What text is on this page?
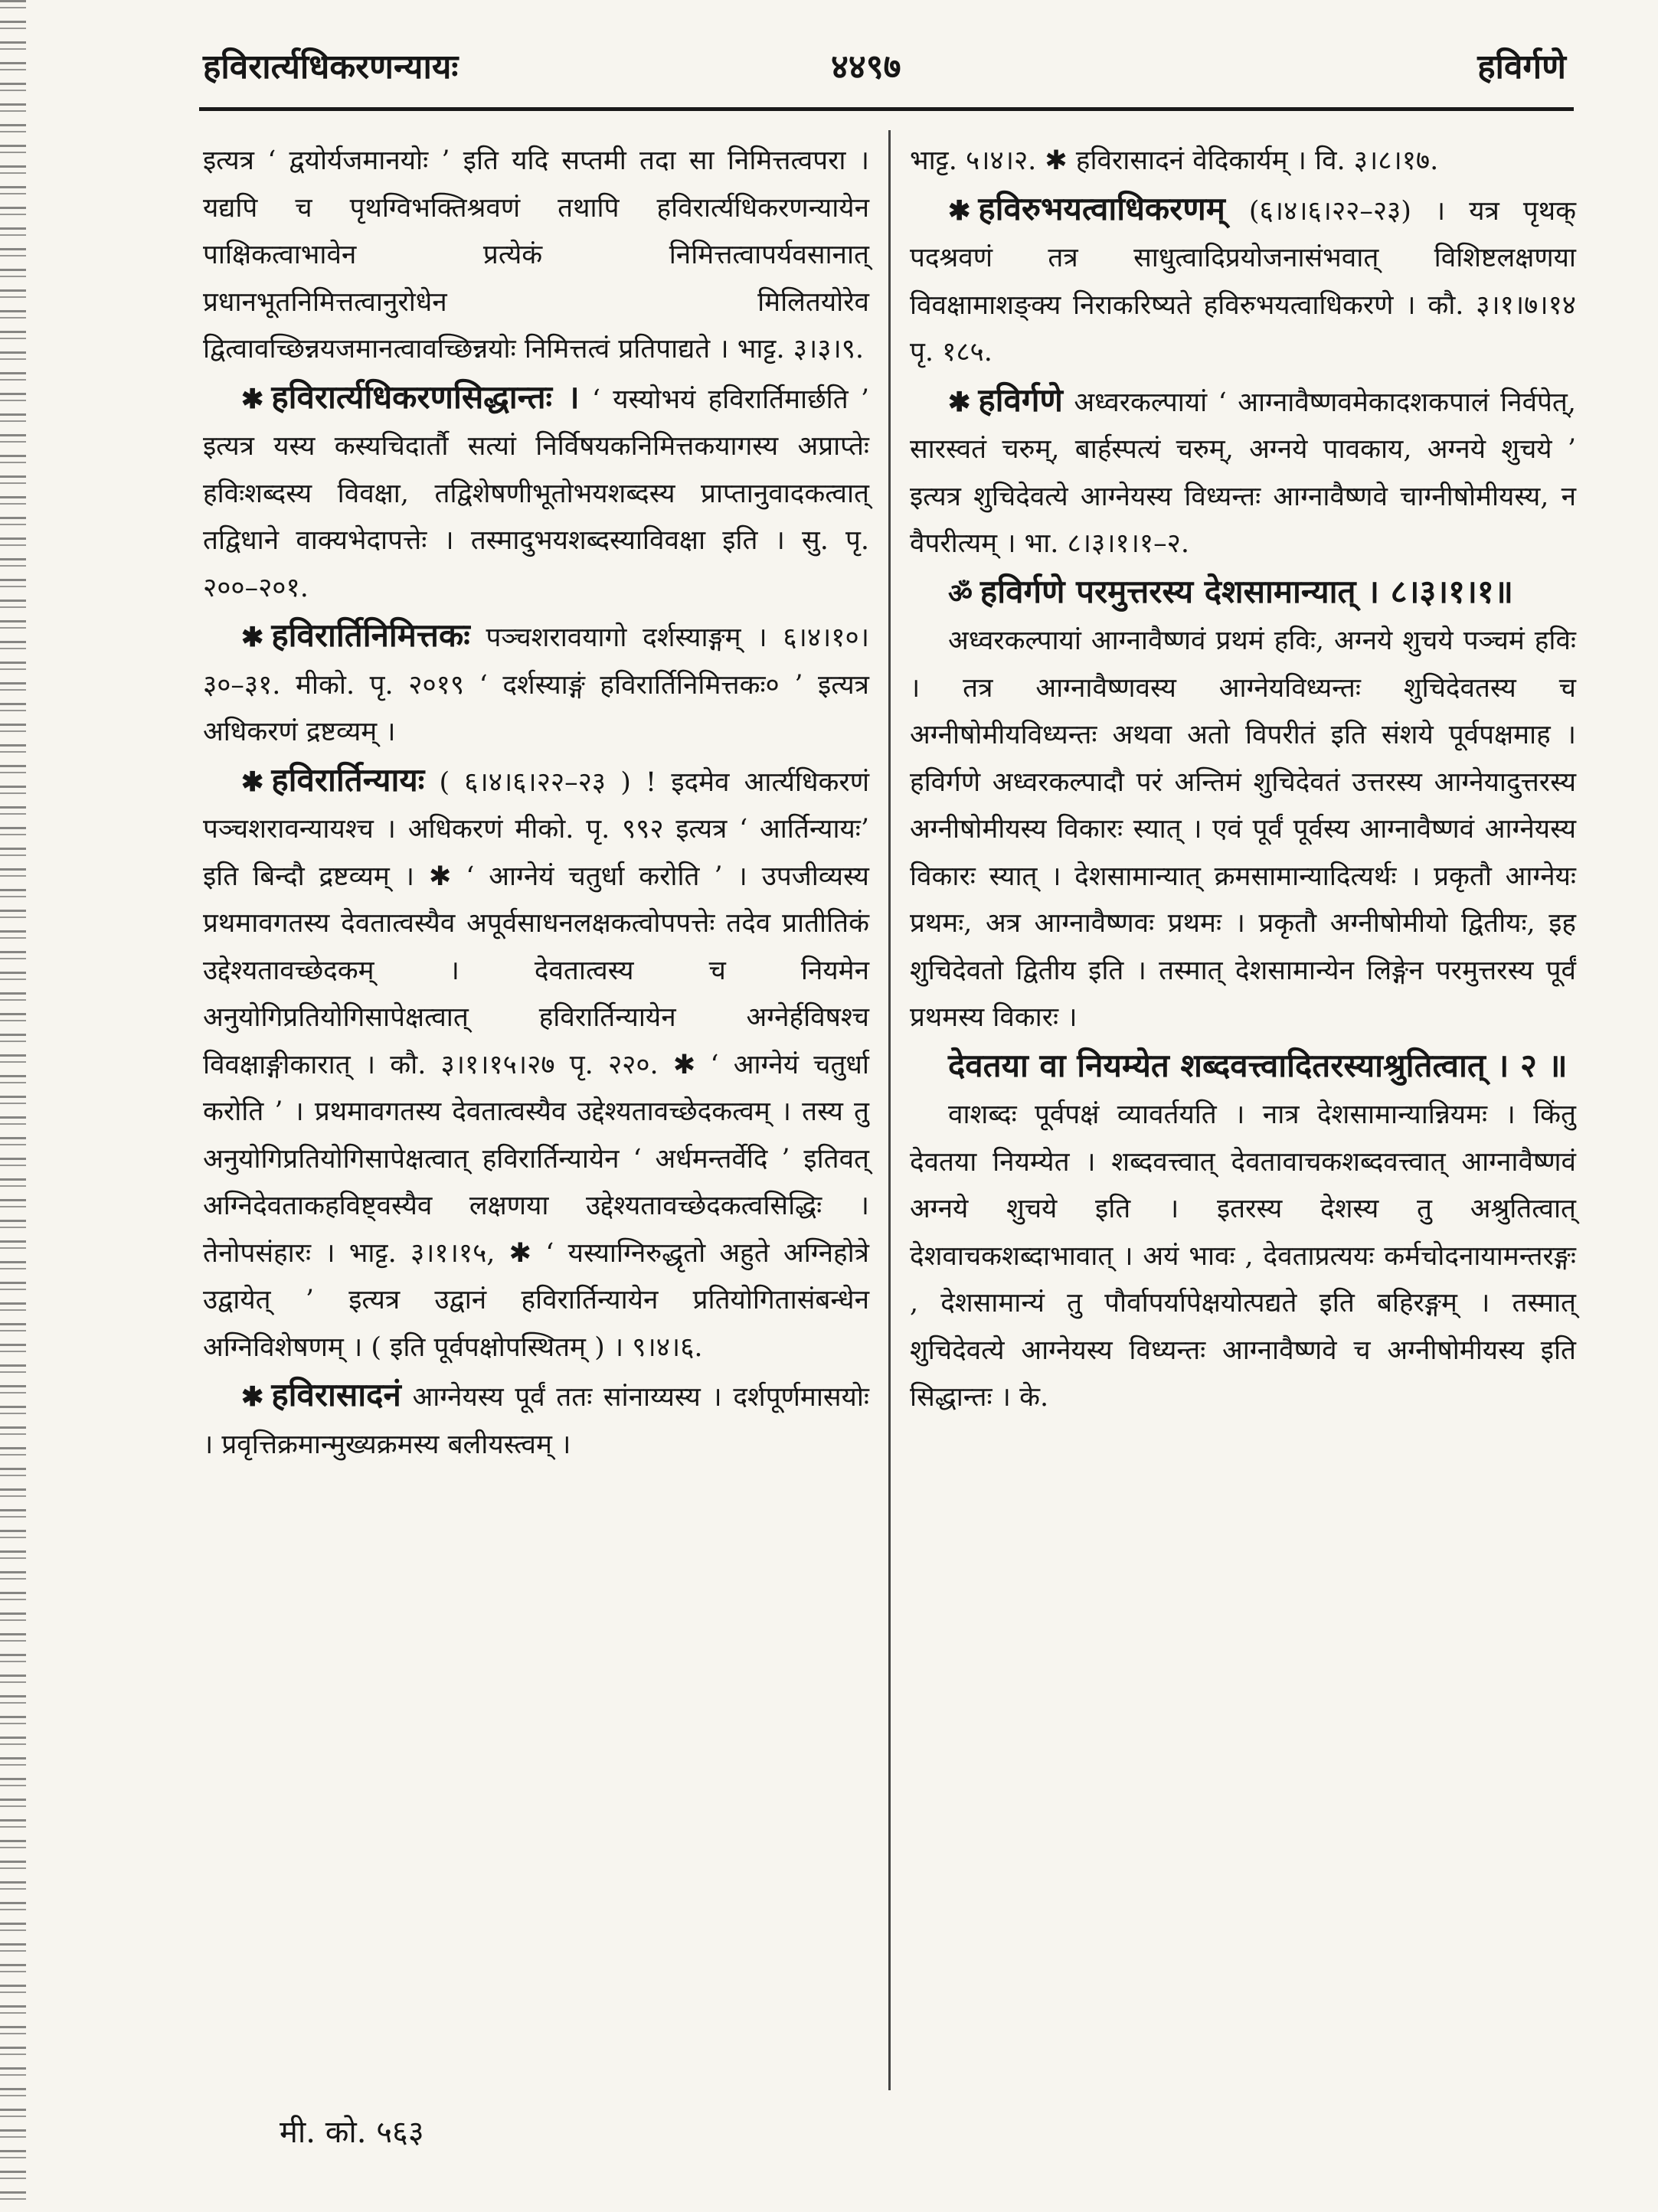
हविरार्त्यधिकरणन्यायः	४४९७	हविर्गणे

इत्यत्र ‘ द्वयोर्यजमानयोः ’ इति यदि सप्तमी तदा सा निमित्तत्वपरा । यद्यपि च पृथग्विभक्तिश्रवणं तथापि हविरार्त्यधिकरणन्यायेन पाक्षिकत्वाभावेन प्रत्येकं निमित्तत्वापर्यवसानात् प्रधानभूतनिमित्तत्वानुरोधेन मिलितयोरेव द्वित्वावच्छिन्नयजमानत्वावच्छिन्नयोः निमित्तत्वं प्रतिपाद्यते । भाट्ट. ३।३।९.

✱ हविरार्त्यधिकरणसिद्धान्तः । ‘ यस्योभयं हविरार्तिमार्छति ’ इत्यत्र यस्य कस्यचिदार्तौ सत्यां निर्विषयकनिमित्तकयागस्य अप्राप्तेः हविःशब्दस्य विवक्षा, तद्विशेषणीभूतोभयशब्दस्य प्राप्तानुवादकत्वात् तद्विधाने वाक्यभेदापत्तेः । तस्मादुभयशब्दस्याविवक्षा इति । सु. पृ. २००–२०१.

✱ हविरार्तिनिमित्तकः पञ्चशरावयागो दर्शस्याङ्गम् । ६।४।१०।३०–३१. मीको. पृ. २०१९ ‘ दर्शस्याङ्गं हविरार्तिनिमित्तकः० ’ इत्यत्र अधिकरणं द्रष्टव्यम् ।

✱ हविरार्तिन्यायः ( ६।४।६।२२–२३ ) ! इदमेव आर्त्यधिकरणं पञ्चशरावन्यायश्च । अधिकरणं मीको. पृ. ९९२ इत्यत्र ‘ आर्तिन्यायः’ इति बिन्दौ द्रष्टव्यम् । ✱ ‘ आग्नेयं चतुर्धा करोति ’ । उपजीव्यस्य प्रथमावगतस्य देवतात्वस्यैव अपूर्वसाधनलक्षकत्वोपपत्तेः तदेव प्रातीतिकं उद्देश्यतावच्छेदकम् । देवतात्वस्य च नियमेन अनुयोगिप्रतियोगिसापेक्षत्वात् हविरार्तिन्यायेन अग्नेर्हविषश्च विवक्षाङ्गीकारात् । कौ. ३।१।१५।२७ पृ. २२०. ✱ ‘ आग्नेयं चतुर्धा करोति ’ । प्रथमावगतस्य देवतात्वस्यैव उद्देश्यतावच्छेदकत्वम् । तस्य तु अनुयोगिप्रतियोगिसापेक्षत्वात् हविरार्तिन्यायेन ‘ अर्धमन्तर्वेदि ’ इतिवत् अग्निदेवताकहविष्ट्वस्यैव लक्षणया उद्देश्यतावच्छेदकत्वसिद्धिः । तेनोपसंहारः । भाट्ट. ३।१।१५, ✱ ‘ यस्याग्निरुद्धृतो अहुते अग्निहोत्रे उद्वायेत् ’ इत्यत्र उद्वानं हविरार्तिन्यायेन प्रतियोगितासंबन्धेन अग्निविशेषणम् । ( इति पूर्वपक्षोपस्थितम् ) । ९।४।६.

✱ हविरासादनं आग्नेयस्य पूर्वं ततः सांनाय्यस्य । दर्शपूर्णमासयोः । प्रवृत्तिक्रमान्मुख्यक्रमस्य बलीयस्त्वम् ।

भाट्ट. ५।४।२. ✱ हविरासादनं वेदिकार्यम् । वि. ३।८।१७.

✱ हविरुभयत्वाधिकरणम् (६।४।६।२२–२३) । यत्र पृथक् पदश्रवणं तत्र साधुत्वादिप्रयोजनासंभवात् विशिष्टलक्षणया विवक्षामाशङ्क्य निराकरिष्यते हविरुभयत्वाधिकरणे । कौ. ३।१।७।१४ पृ. १८५.

✱ हविर्गणे अध्वरकल्पायां ‘ आग्नावैष्णवमेकादशकपालं निर्वपेत्, सारस्वतं चरुम्, बार्हस्पत्यं चरुम्, अग्नये पावकाय, अग्नये शुचये ’ इत्यत्र शुचिदेवत्ये आग्नेयस्य विध्यन्तः आग्नावैष्णवे चाग्नीषोमीयस्य, न वैपरीत्यम् । भा. ८।३।१।१–२.

ॐ हविर्गणे परमुत्तरस्य देशसामान्यात् । ८।३।१।१॥

अध्वरकल्पायां आग्नावैष्णवं प्रथमं हविः, अग्नये शुचये पञ्चमं हविः । तत्र आग्नावैष्णवस्य आग्नेयविध्यन्तः शुचिदेवतस्य च अग्नीषोमीयविध्यन्तः अथवा अतो विपरीतं इति संशये पूर्वपक्षमाह । हविर्गणे अध्वरकल्पादौ परं अन्तिमं शुचिदेवतं उत्तरस्य आग्नेयादुत्तरस्य अग्नीषोमीयस्य विकारः स्यात् । एवं पूर्वं पूर्वस्य आग्नावैष्णवं आग्नेयस्य विकारः स्यात् । देशसामान्यात् क्रमसामान्यादित्यर्थः । प्रकृतौ आग्नेयः प्रथमः, अत्र आग्नावैष्णवः प्रथमः । प्रकृतौ अग्नीषोमीयो द्वितीयः, इह शुचिदेवतो द्वितीय इति । तस्मात् देशसामान्येन लिङ्गेन परमुत्तरस्य पूर्वं प्रथमस्य विकारः ।

देवतया वा नियम्येत शब्दवत्त्वादितरस्याश्रुतित्वात् । २ ॥

वाशब्दः पूर्वपक्षं व्यावर्तयति । नात्र देशसामान्यान्नियमः । किंतु देवतया नियम्येत । शब्दवत्त्वात् देवतावाचकशब्दवत्त्वात् आग्नावैष्णवं अग्नये शुचये इति । इतरस्य देशस्य तु अश्रुतित्वात् देशवाचकशब्दाभावात् । अयं भावः , देवताप्रत्ययः कर्मचोदनायामन्तरङ्गः , देशसामान्यं तु पौर्वापर्यापेक्षयोत्पद्यते इति बहिरङ्गम् । तस्मात् शुचिदेवत्ये आग्नेयस्य विध्यन्तः आग्नावैष्णवे च अग्नीषोमीयस्य इति सिद्धान्तः । के.

मी. को. ५६३
